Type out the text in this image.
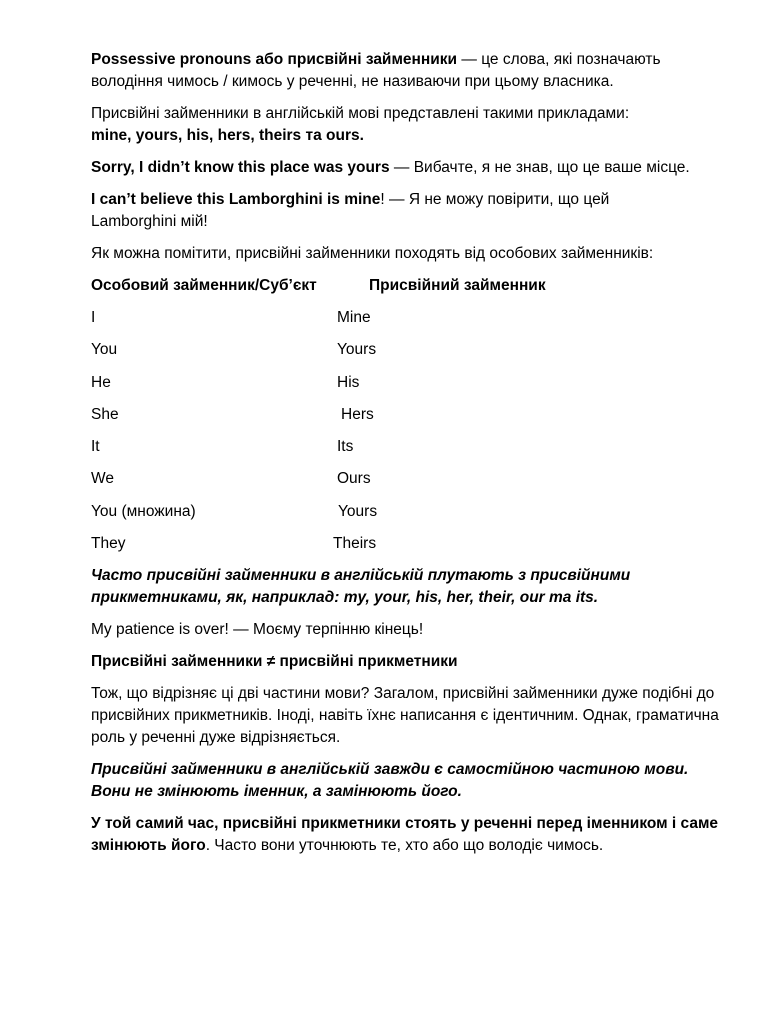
Possessive pronouns або присвійні займенники — це слова, які позначають володіння чимось / кимось у реченні, не називаючи при цьому власника.

Присвійні займенники в англійській мові представлені такими прикладами:
mine, yours, his, hers, theirs та ours.

Sorry, I didn’t know this place was yours — Вибачте, я не знав, що це ваше місце.

I can’t believe this Lamborghini is mine! — Я не можу повірити, що цей Lamborghini мій!

Як можна помітити, присвійні займенники походять від особових займенників:

Особовий займенник/Суб’єкт	Присвійний займенник
I	Mine
You	Yours
He	His
She	Hers
It	Its
We	Ours
You (множина)	Yours
They	Theirs

Часто присвійні займенники в англійській плутають з присвійними прикметниками, як, наприклад: my, your, his, her, their, our та its.

My patience is over! — Моєму терпінню кінець!

Присвійні займенники ≠ присвійні прикметники

Тож, що відрізняє ці дві частини мови? Загалом, присвійні займенники дуже подібні до присвійних прикметників. Іноді, навіть їхнє написання є ідентичним. Однак, граматична роль у реченні дуже відрізняється.

Присвійні займенники в англійській завжди є самостійною частиною мови. Вони не змінюють іменник, а замінюють його.

У той самий час, присвійні прикметники стоять у реченні перед іменником і саме змінюють його. Часто вони уточнюють те, хто або що володіє чимось.
